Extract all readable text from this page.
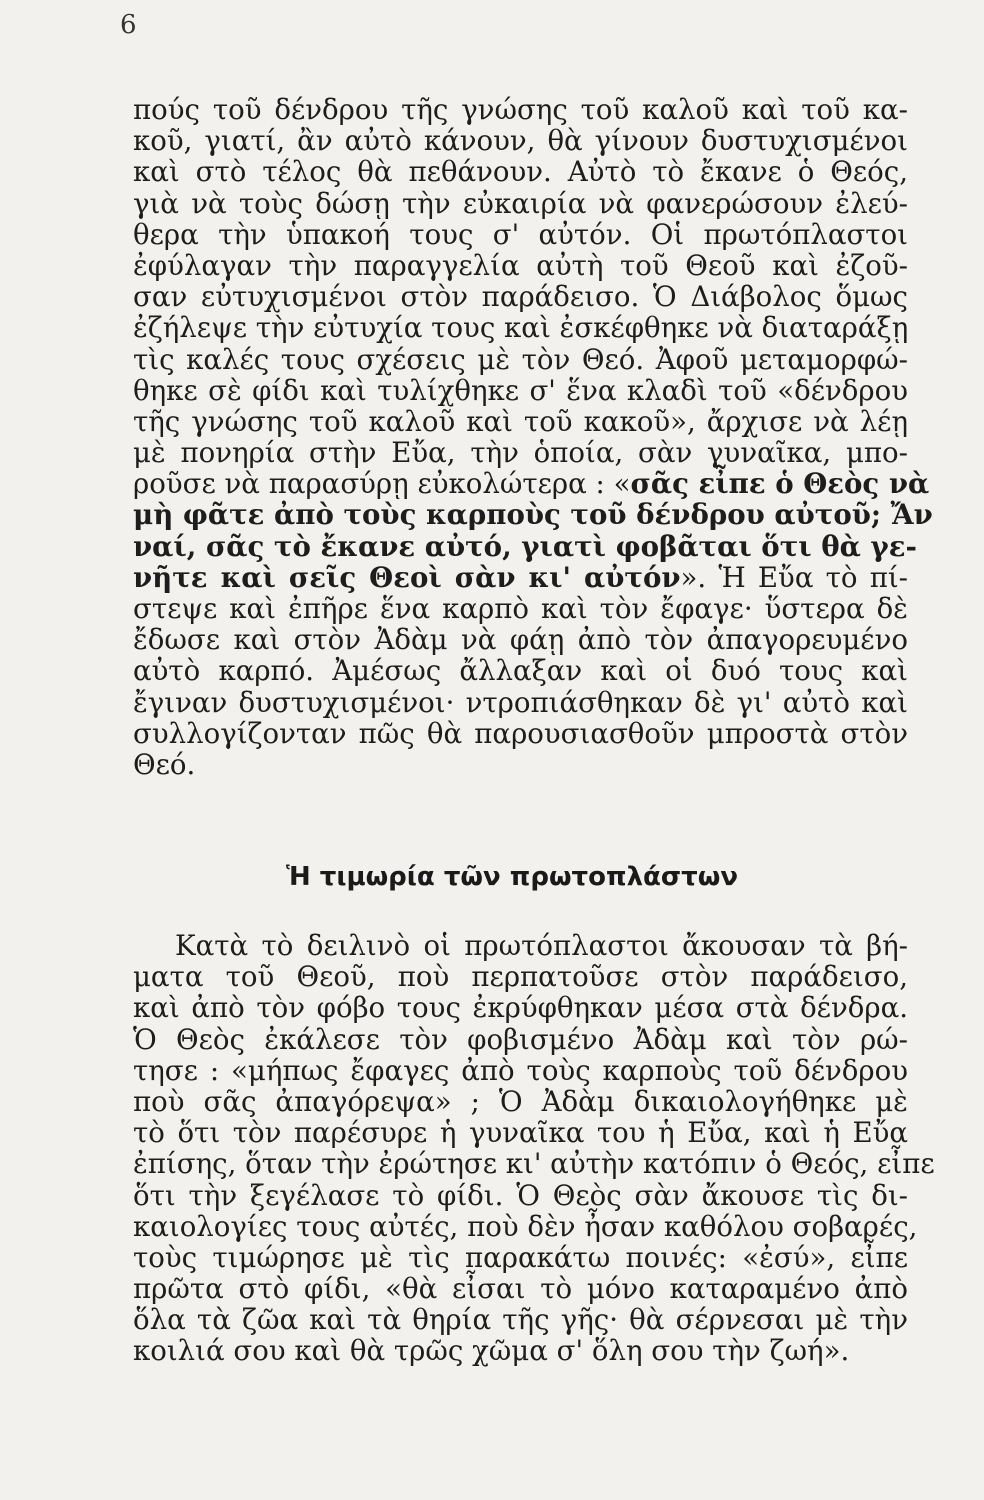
6
πούς τοῦ δένδρου τῆς γνώσης τοῦ καλοῦ καὶ τοῦ κα-
κοῦ, γιατί, ἂν αὐτὸ κάνουν, θὰ γίνουν δυστυχισμένοι
καὶ στὸ τέλος θὰ πεθάνουν. Αὐτὸ τὸ ἔκανε ὁ Θεός,
γιὰ νὰ τοὺς δώσῃ τὴν εὐκαιρία νὰ φανερώσουν ἐλεύ-
θερα τὴν ὑπακοή τους σ' αὐτόν. Οἱ πρωτόπλαστοι
ἐφύλαγαν τὴν παραγγελία αὐτὴ τοῦ Θεοῦ καὶ ἐζοῦ-
σαν εὐτυχισμένοι στὸν παράδεισο. Ὁ Διάβολος ὅμως
ἐζήλεψε τὴν εὐτυχία τους καὶ ἐσκέφθηκε νὰ διαταράξῃ
τὶς καλές τους σχέσεις μὲ τὸν Θεό. Ἀφοῦ μεταμορφώ-
θηκε σὲ φίδι καὶ τυλίχθηκε σ' ἕνα κλαδὶ τοῦ «δένδρου
τῆς γνώσης τοῦ καλοῦ καὶ τοῦ κακοῦ», ἄρχισε νὰ λέῃ
μὲ πονηρία στὴν Εὔα, τὴν ὁποία, σὰν γυναῖκα, μπο-
ροῦσε νὰ παρασύρῃ εὐκολώτερα : «σᾶς εἶπε ὁ Θεὸς νὰ
μὴ φᾶτε ἀπὸ τοὺς καρποὺς τοῦ δένδρου αὐτοῦ; Ἄν
ναί, σᾶς τὸ ἔκανε αὐτό, γιατὶ φοβᾶται ὅτι θὰ γε-
νῆτε καὶ σεῖς Θεοὶ σὰν κι' αὐτόν». Ἡ Εὔα τὸ πί-
στεψε καὶ ἐπῆρε ἕνα καρπὸ καὶ τὸν ἔφαγε· ὕστερα δὲ
ἔδωσε καὶ στὸν Ἀδὰμ νὰ φάῃ ἀπὸ τὸν ἀπαγορευμένο
αὐτὸ καρπό. Ἀμέσως ἄλλαξαν καὶ οἱ δυό τους καὶ
ἔγιναν δυστυχισμένοι· ντροπιάσθηκαν δὲ γι' αὐτὸ καὶ
συλλογίζονταν πῶς θὰ παρουσιασθοῦν μπροστὰ στὸν
Θεό.
Ἡ τιμωρία τῶν πρωτοπλάστων
Κατὰ τὸ δειλινὸ οἱ πρωτόπλαστοι ἄκουσαν τὰ βή-
ματα τοῦ Θεοῦ, ποὺ περπατοῦσε στὸν παράδεισο,
καὶ ἀπὸ τὸν φόβο τους ἐκρύφθηκαν μέσα στὰ δένδρα.
Ὁ Θεὸς ἐκάλεσε τὸν φοβισμένο Ἀδὰμ καὶ τὸν ρώ-
τησε : «μήπως ἔφαγες ἀπὸ τοὺς καρποὺς τοῦ δένδρου
ποὺ σᾶς ἀπαγόρεψα» ; Ὁ Ἀδὰμ δικαιολογήθηκε μὲ
τὸ ὅτι τὸν παρέσυρε ἡ γυναῖκα του ἡ Εὔα, καὶ ἡ Εὔα
ἐπίσης, ὅταν τὴν ἐρώτησε κι' αὐτὴν κατόπιν ὁ Θεός, εἶπε
ὅτι τὴν ξεγέλασε τὸ φίδι. Ὁ Θεὸς σὰν ἄκουσε τὶς δι-
καιολογίες τους αὐτές, ποὺ δὲν ἦσαν καθόλου σοβαρές,
τοὺς τιμώρησε μὲ τὶς παρακάτω ποινές: «ἐσύ», εἶπε
πρῶτα στὸ φίδι, «θὰ εἶσαι τὸ μόνο καταραμένο ἀπὸ
ὅλα τὰ ζῶα καὶ τὰ θηρία τῆς γῆς· θὰ σέρνεσαι μὲ τὴν
κοιλιά σου καὶ θὰ τρῶς χῶμα σ' ὅλη σου τὴν ζωή».
